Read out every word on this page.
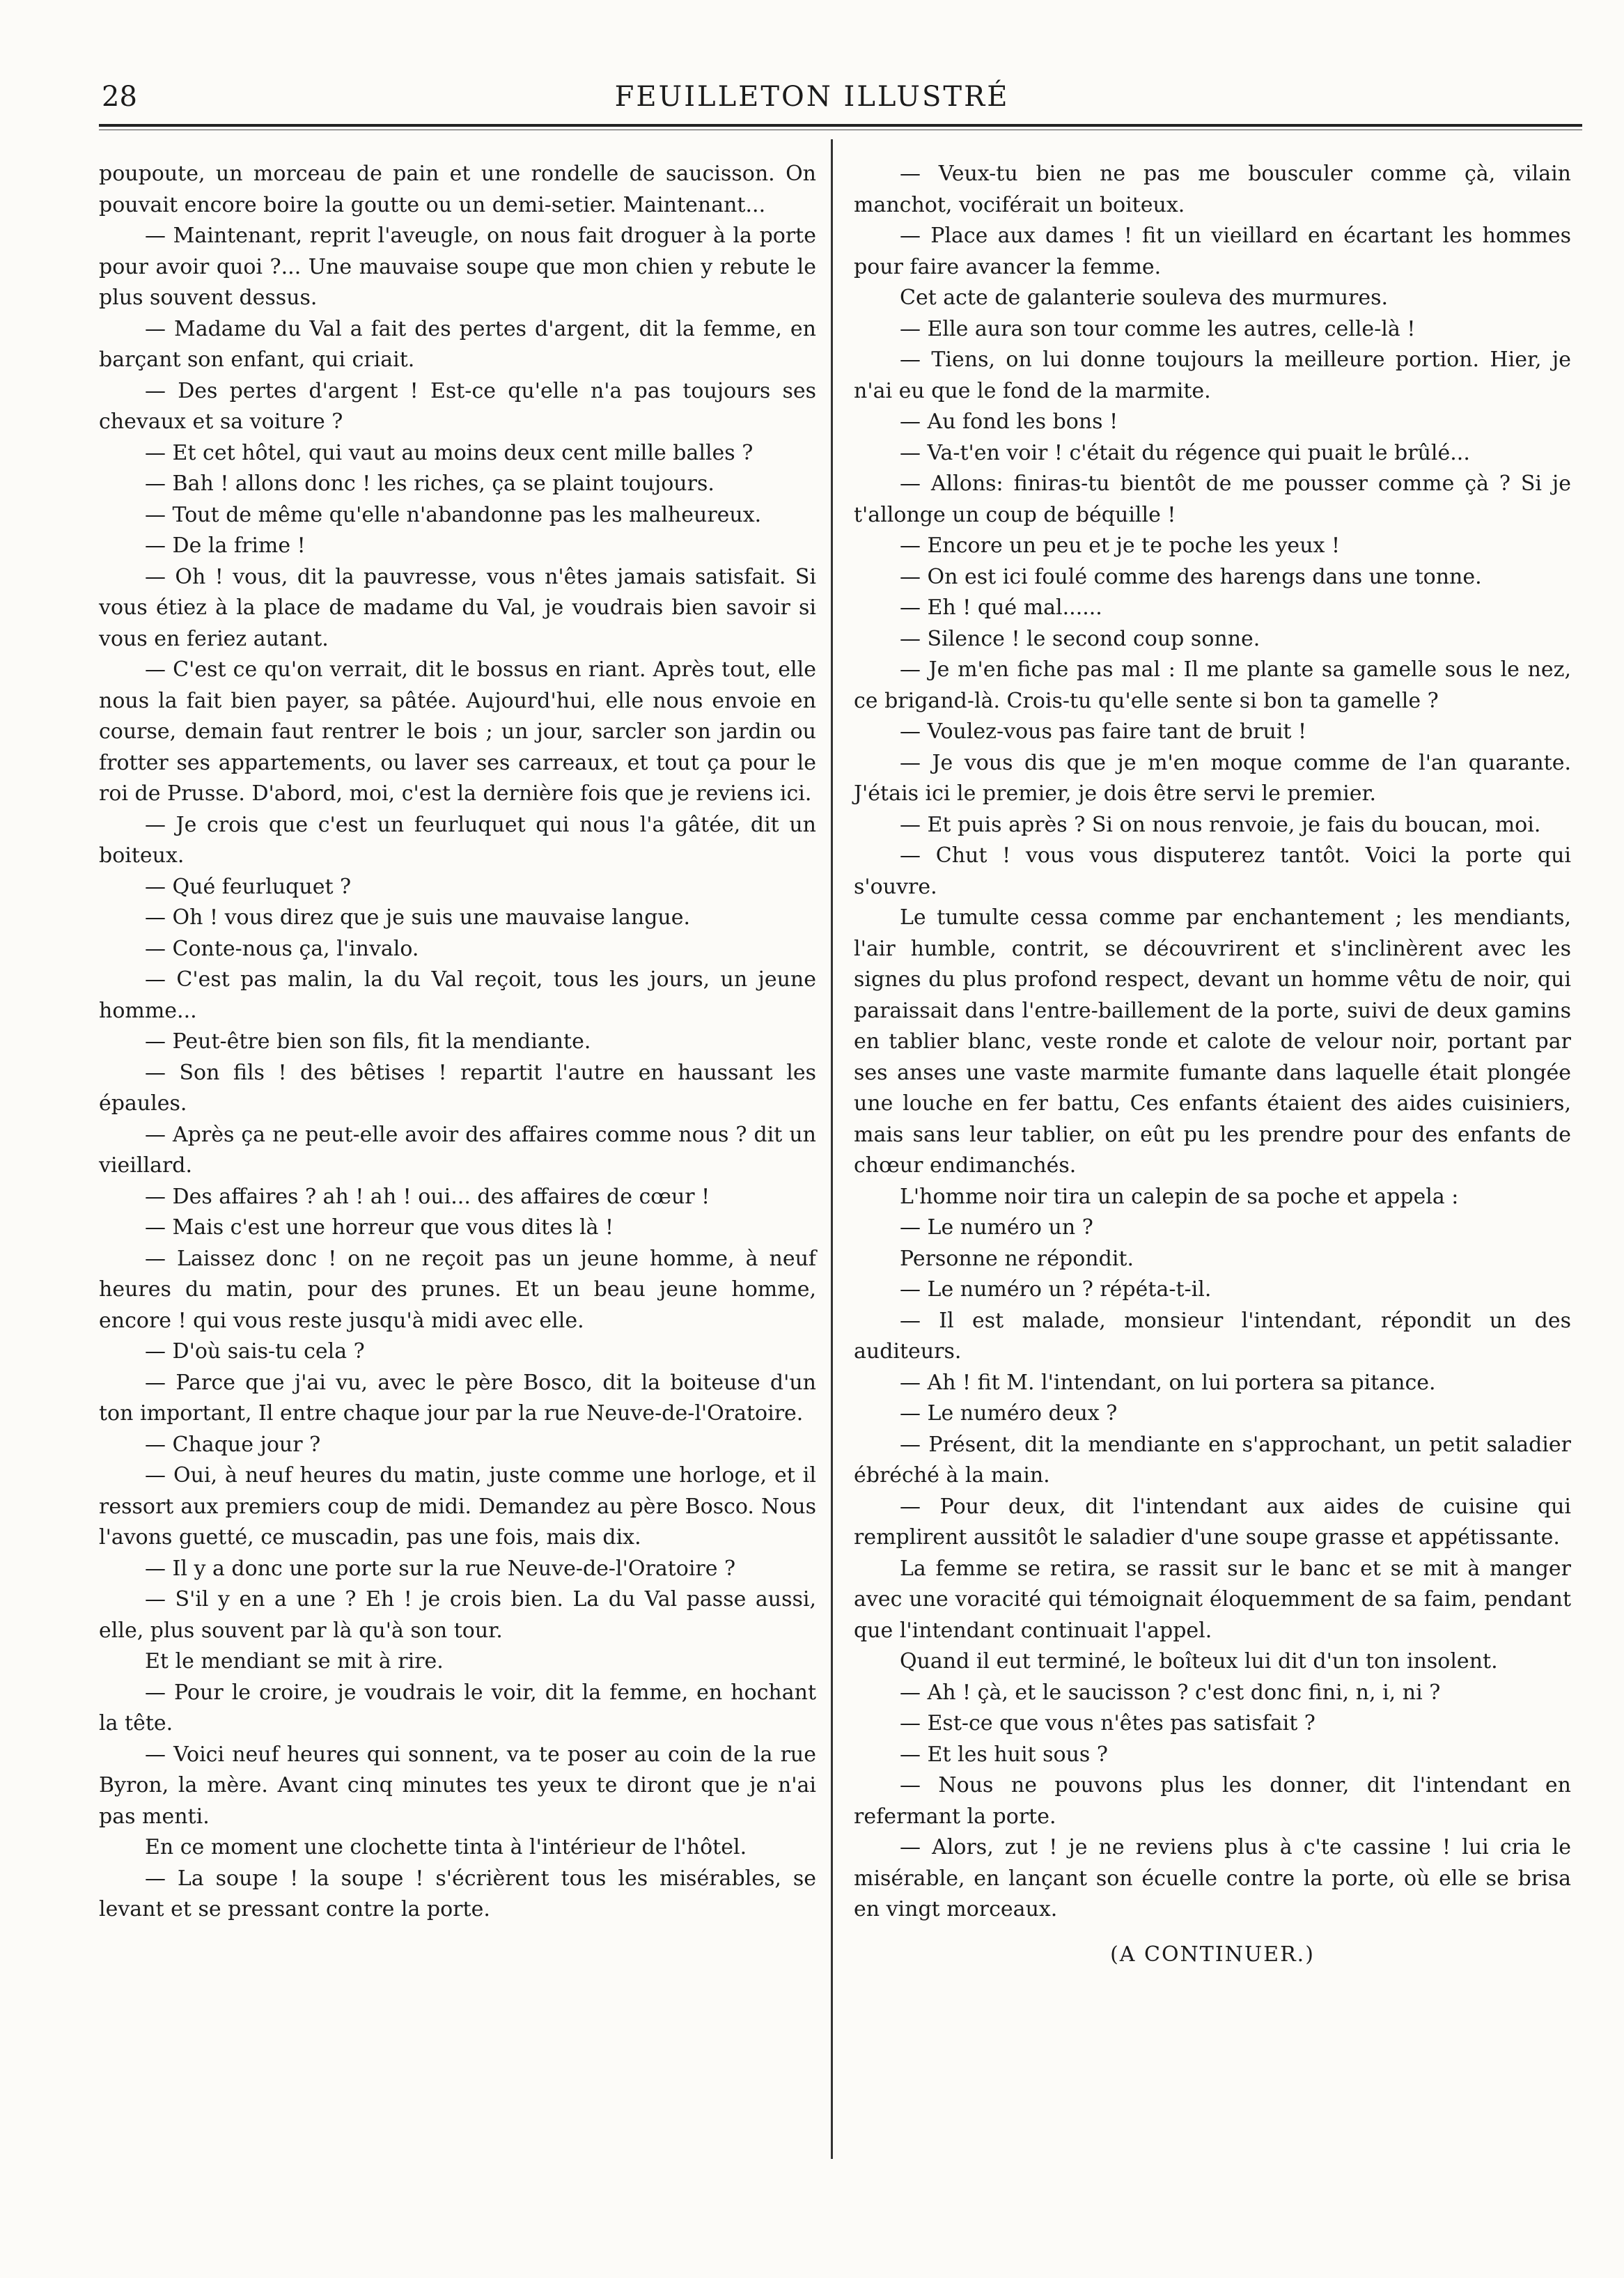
28	FEUILLETON ILLUSTRÉ

poupoute, un morceau de pain et une rondelle de saucisson. On pouvait encore boire la goutte ou un demi-setier. Maintenant...

— Maintenant, reprit l'aveugle, on nous fait droguer à la porte pour avoir quoi ?... Une mauvaise soupe que mon chien y rebute le plus souvent dessus.

— Madame du Val a fait des pertes d'argent, dit la femme, en barçant son enfant, qui criait.

— Des pertes d'argent ! Est-ce qu'elle n'a pas toujours ses chevaux et sa voiture ?

— Et cet hôtel, qui vaut au moins deux cent mille balles ?

— Bah ! allons donc ! les riches, ça se plaint toujours.

— Tout de même qu'elle n'abandonne pas les malheureux.

— De la frime !

— Oh ! vous, dit la pauvresse, vous n'êtes jamais satisfait. Si vous étiez à la place de madame du Val, je voudrais bien savoir si vous en feriez autant.

— C'est ce qu'on verrait, dit le bossus en riant. Après tout, elle nous la fait bien payer, sa pâtée. Aujourd'hui, elle nous envoie en course, demain faut rentrer le bois ; un jour, sarcler son jardin ou frotter ses appartements, ou laver ses carreaux, et tout ça pour le roi de Prusse. D'abord, moi, c'est la dernière fois que je reviens ici.

— Je crois que c'est un feurluquet qui nous l'a gâtée, dit un boiteux.

— Qué feurluquet ?

— Oh ! vous direz que je suis une mauvaise langue.

— Conte-nous ça, l'invalo.

— C'est pas malin, la du Val reçoit, tous les jours, un jeune homme...

— Peut-être bien son fils, fit la mendiante.

— Son fils ! des bêtises ! repartit l'autre en haussant les épaules.

— Après ça ne peut-elle avoir des affaires comme nous ? dit un vieillard.

— Des affaires ? ah ! ah ! oui... des affaires de cœur !

— Mais c'est une horreur que vous dites là !

— Laissez donc ! on ne reçoit pas un jeune homme, à neuf heures du matin, pour des prunes. Et un beau jeune homme, encore ! qui vous reste jusqu'à midi avec elle.

— D'où sais-tu cela ?

— Parce que j'ai vu, avec le père Bosco, dit la boiteuse d'un ton important, Il entre chaque jour par la rue Neuve-de-l'Oratoire.

— Chaque jour ?

— Oui, à neuf heures du matin, juste comme une horloge, et il ressort aux premiers coup de midi. Demandez au père Bosco. Nous l'avons guetté, ce muscadin, pas une fois, mais dix.

— Il y a donc une porte sur la rue Neuve-de-l'Oratoire ?

— S'il y en a une ? Eh ! je crois bien. La du Val passe aussi, elle, plus souvent par là qu'à son tour.

Et le mendiant se mit à rire.

— Pour le croire, je voudrais le voir, dit la femme, en hochant la tête.

— Voici neuf heures qui sonnent, va te poser au coin de la rue Byron, la mère. Avant cinq minutes tes yeux te diront que je n'ai pas menti.

En ce moment une clochette tinta à l'intérieur de l'hôtel.

— La soupe ! la soupe ! s'écrièrent tous les misérables, se levant et se pressant contre la porte.

— Veux-tu bien ne pas me bousculer comme çà, vilain manchot, vociférait un boiteux.

— Place aux dames ! fit un vieillard en écartant les hommes pour faire avancer la femme.

Cet acte de galanterie souleva des murmures.

— Elle aura son tour comme les autres, celle-là !

— Tiens, on lui donne toujours la meilleure portion. Hier, je n'ai eu que le fond de la marmite.

— Au fond les bons !

— Va-t'en voir ! c'était du régence qui puait le brûlé...

— Allons: finiras-tu bientôt de me pousser comme çà ? Si je t'allonge un coup de béquille !

— Encore un peu et je te poche les yeux !

— On est ici foulé comme des harengs dans une tonne.

— Eh ! qué mal......

— Silence ! le second coup sonne.

— Je m'en fiche pas mal : Il me plante sa gamelle sous le nez, ce brigand-là. Crois-tu qu'elle sente si bon ta gamelle ?

— Voulez-vous pas faire tant de bruit !

— Je vous dis que je m'en moque comme de l'an quarante. J'étais ici le premier, je dois être servi le premier.

— Et puis après ? Si on nous renvoie, je fais du boucan, moi.

— Chut ! vous vous disputerez tantôt. Voici la porte qui s'ouvre.

Le tumulte cessa comme par enchantement ; les mendiants, l'air humble, contrit, se découvrirent et s'inclinèrent avec les signes du plus profond respect, devant un homme vêtu de noir, qui paraissait dans l'entre-baillement de la porte, suivi de deux gamins en tablier blanc, veste ronde et calote de velour noir, portant par ses anses une vaste marmite fumante dans laquelle était plongée une louche en fer battu, Ces enfants étaient des aides cuisiniers, mais sans leur tablier, on eût pu les prendre pour des enfants de chœur endimanchés.

L'homme noir tira un calepin de sa poche et appela :

— Le numéro un ?

Personne ne répondit.

— Le numéro un ? répéta-t-il.

— Il est malade, monsieur l'intendant, répondit un des auditeurs.

— Ah ! fit M. l'intendant, on lui portera sa pitance.

— Le numéro deux ?

— Présent, dit la mendiante en s'approchant, un petit saladier ébréché à la main.

— Pour deux, dit l'intendant aux aides de cuisine qui remplirent aussitôt le saladier d'une soupe grasse et appétissante.

La femme se retira, se rassit sur le banc et se mit à manger avec une voracité qui témoignait éloquemment de sa faim, pendant que l'intendant continuait l'appel.

Quand il eut terminé, le boîteux lui dit d'un ton insolent.

— Ah ! çà, et le saucisson ? c'est donc fini, n, i, ni ?

— Est-ce que vous n'êtes pas satisfait ?

— Et les huit sous ?

— Nous ne pouvons plus les donner, dit l'intendant en refermant la porte.

— Alors, zut ! je ne reviens plus à c'te cassine ! lui cria le misérable, en lançant son écuelle contre la porte, où elle se brisa en vingt morceaux.

(A CONTINUER.)
